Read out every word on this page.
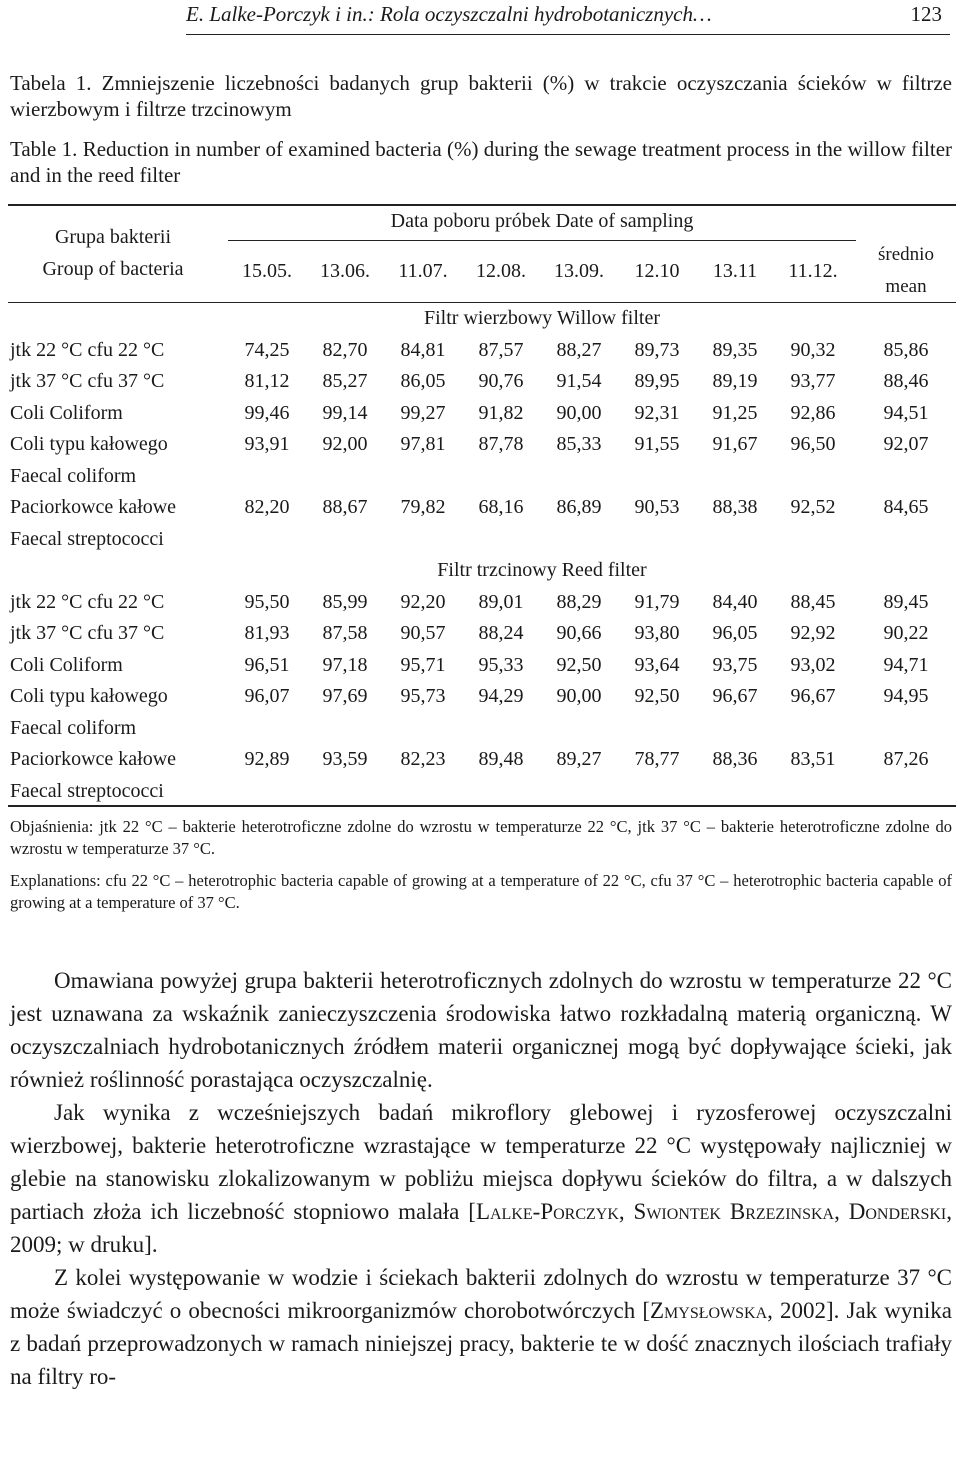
E. Lalke-Porczyk i in.: Rola oczyszczalni hydrobotanicznych…	123
Tabela 1. Zmniejszenie liczebności badanych grup bakterii (%) w trakcie oczyszczania ścieków w filtrze wierzbowym i filtrze trzcinowym
Table 1. Reduction in number of examined bacteria (%) during the sewage treatment process in the willow filter and in the reed filter
Grupa bakterii
Group of bacteria
Data poboru próbek Date of sampling
15.05.	13.06.	11.07.	12.08.	13.09.	12.10	13.11	11.12.
średnio
mean
Filtr wierzbowy Willow filter
jtk 22 °C cfu 22 °C	74,25	82,70	84,81	87,57	88,27	89,73	89,35	90,32	85,86
jtk 37 °C cfu 37 °C	81,12	85,27	86,05	90,76	91,54	89,95	89,19	93,77	88,46
Coli Coliform	99,46	99,14	99,27	91,82	90,00	92,31	91,25	92,86	94,51
Coli typu kałowego	93,91	92,00	97,81	87,78	85,33	91,55	91,67	96,50	92,07
Faecal coliform
Paciorkowce kałowe	82,20	88,67	79,82	68,16	86,89	90,53	88,38	92,52	84,65
Faecal streptococci
Filtr trzcinowy Reed filter
jtk 22 °C cfu 22 °C	95,50	85,99	92,20	89,01	88,29	91,79	84,40	88,45	89,45
jtk 37 °C cfu 37 °C	81,93	87,58	90,57	88,24	90,66	93,80	96,05	92,92	90,22
Coli Coliform	96,51	97,18	95,71	95,33	92,50	93,64	93,75	93,02	94,71
Coli typu kałowego	96,07	97,69	95,73	94,29	90,00	92,50	96,67	96,67	94,95
Faecal coliform
Paciorkowce kałowe	92,89	93,59	82,23	89,48	89,27	78,77	88,36	83,51	87,26
Faecal streptococci
Objaśnienia: jtk 22 °C – bakterie heterotroficzne zdolne do wzrostu w temperaturze 22 °C, jtk 37 °C – bakterie heterotroficzne zdolne do wzrostu w temperaturze 37 °C.
Explanations: cfu 22 °C – heterotrophic bacteria capable of growing at a temperature of 22 °C, cfu 37 °C – heterotrophic bacteria capable of growing at a temperature of 37 °C.

Omawiana powyżej grupa bakterii heterotroficznych zdolnych do wzrostu w temperaturze 22 °C jest uznawana za wskaźnik zanieczyszczenia środowiska łatwo rozkładalną materią organiczną. W oczyszczalniach hydrobotanicznych źródłem materii organicznej mogą być dopływające ścieki, jak również roślinność porastająca oczyszczalnię.

Jak wynika z wcześniejszych badań mikroflory glebowej i ryzosferowej oczyszczalni wierzbowej, bakterie heterotroficzne wzrastające w temperaturze 22 °C występowały najliczniej w glebie na stanowisku zlokalizowanym w pobliżu miejsca dopływu ścieków do filtra, a w dalszych partiach złoża ich liczebność stopniowo malała [Lalke-Porczyk, Swiontek Brzezinska, Donderski, 2009; w druku].

Z kolei występowanie w wodzie i ściekach bakterii zdolnych do wzrostu w temperaturze 37 °C może świadczyć o obecności mikroorganizmów chorobotwórczych [Zmysłowska, 2002]. Jak wynika z badań przeprowadzonych w ramach niniejszej pracy, bakterie te w dość znacznych ilościach trafiały na filtry ro-
